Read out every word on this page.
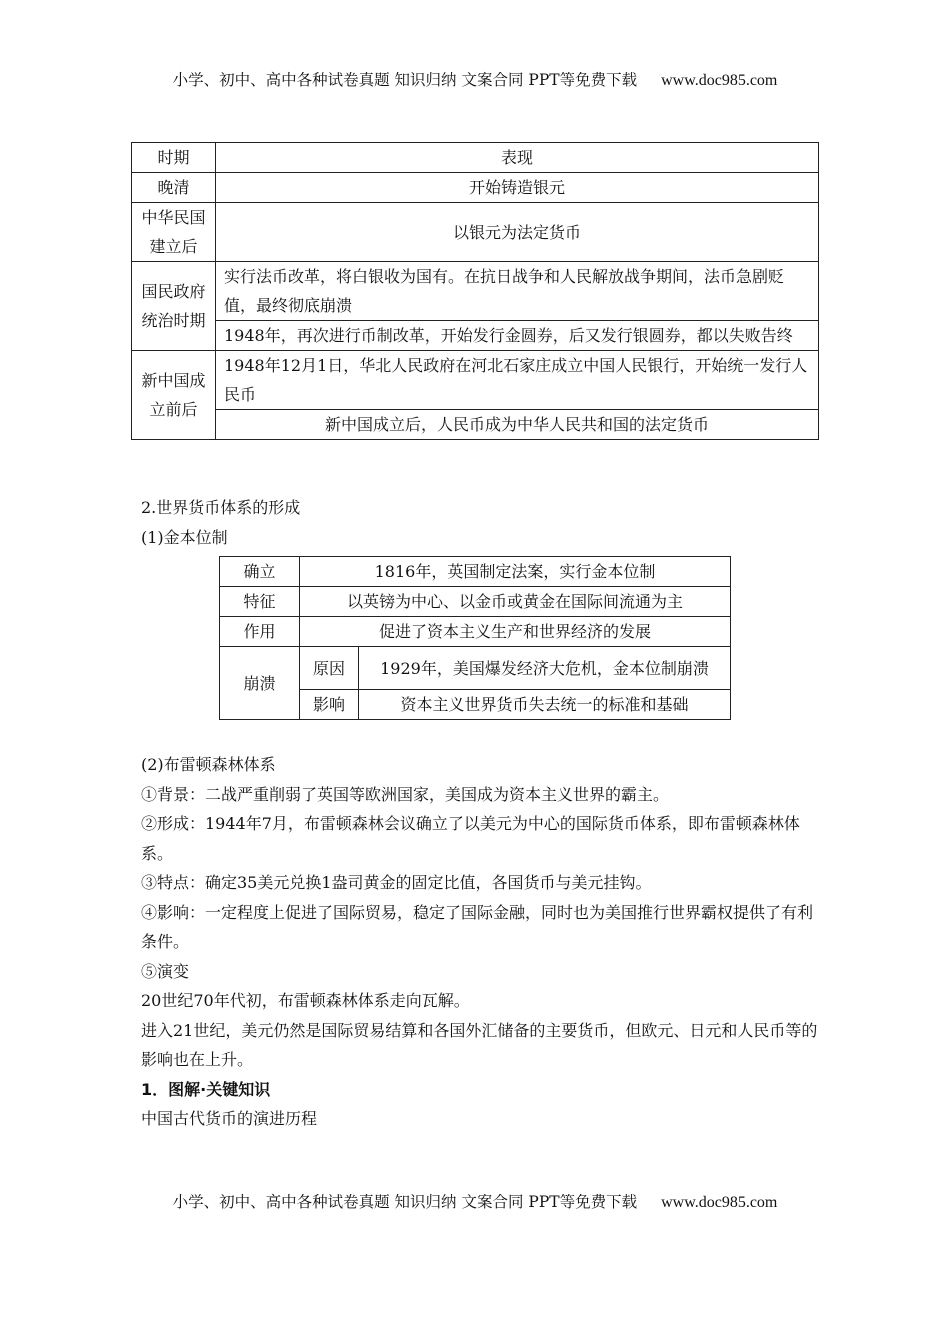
小学、初中、高中各种试卷真题 知识归纳 文案合同 PPT等免费下载 www.doc985.com
时期	表现
晚清	开始铸造银元
中华民国建立后	以银元为法定货币
国民政府统治时期	实行法币改革，将白银收为国有。在抗日战争和人民解放战争期间，法币急剧贬值，最终彻底崩溃
	1948年，再次进行币制改革，开始发行金圆券，后又发行银圆券，都以失败告终
新中国成立前后	1948年12月1日，华北人民政府在河北石家庄成立中国人民银行，开始统一发行人民币
	新中国成立后，人民币成为中华人民共和国的法定货币

2.世界货币体系的形成

(1)金本位制

确立	1816年，英国制定法案，实行金本位制	
特征	以英镑为中心、以金币或黄金在国际间流通为主	
作用	促进了资本主义生产和世界经济的发展	
崩溃	原因	1929年，美国爆发经济大危机，金本位制崩溃
	影响	资本主义世界货币失去统一的标准和基础

(2)布雷顿森林体系

①背景：二战严重削弱了英国等欧洲国家，美国成为资本主义世界的霸主。

②形成：1944年7月，布雷顿森林会议确立了以美元为中心的国际货币体系，即布雷顿森林体系。

③特点：确定35美元兑换1盎司黄金的固定比值，各国货币与美元挂钩。

④影响：一定程度上促进了国际贸易，稳定了国际金融，同时也为美国推行世界霸权提供了有利条件。

⑤演变

20世纪70年代初，布雷顿森林体系走向瓦解。

进入21世纪，美元仍然是国际贸易结算和各国外汇储备的主要货币，但欧元、日元和人民币等的影响也在上升。

1．图解·关键知识

中国古代货币的演进历程

小学、初中、高中各种试卷真题 知识归纳 文案合同 PPT等免费下载 www.doc985.com
